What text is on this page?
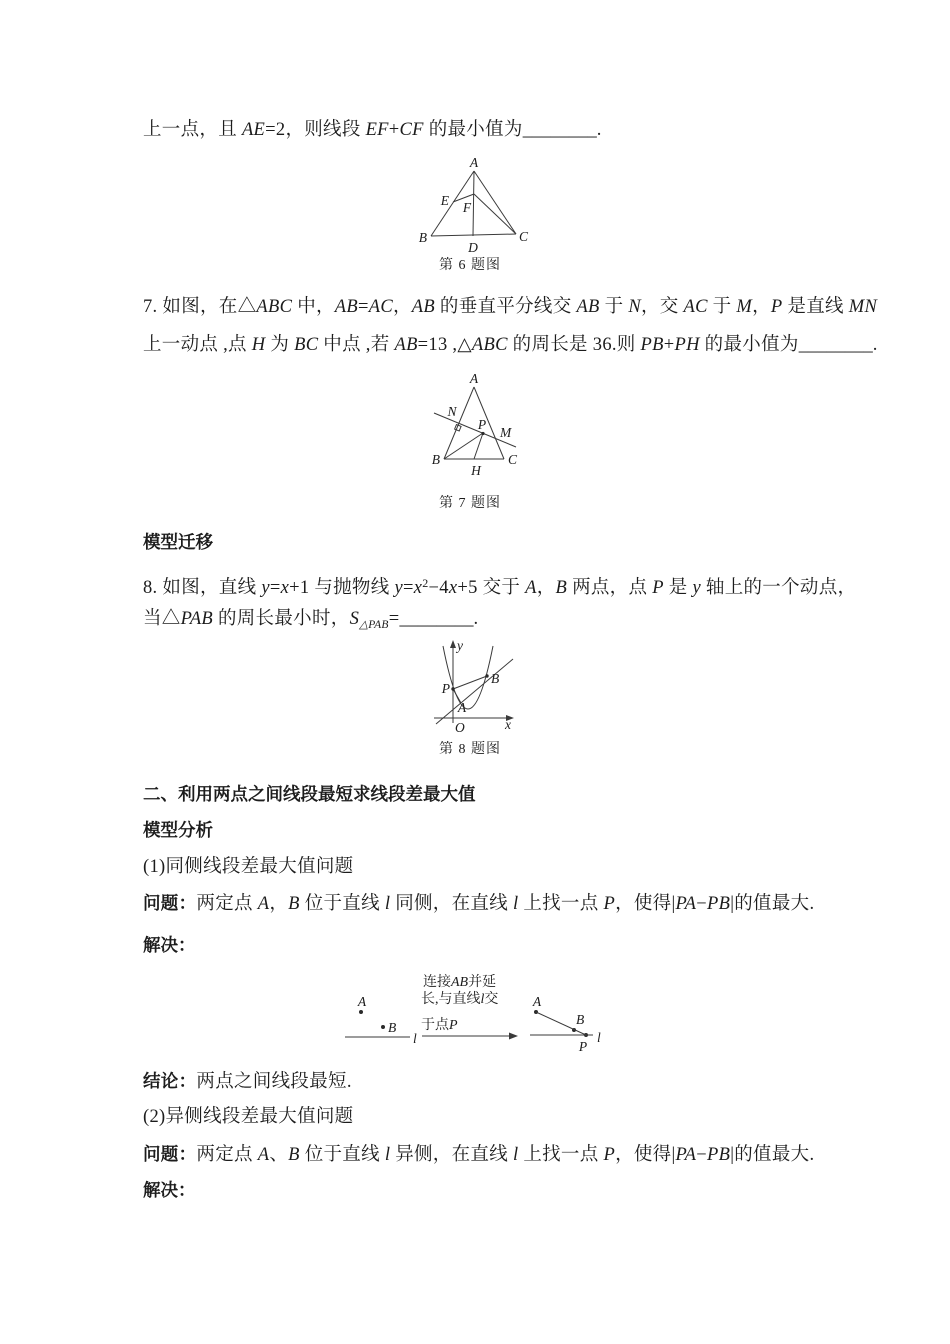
上一点，且 AE=2，则线段 EF+CF 的最小值为________.
A
B	C
D
E F
第 6 题图
7. 如图，在△ABC 中，AB=AC，AB 的垂直平分线交 AB 于 N，交 AC 于 M，P 是直线 MN
上一动点 ,点 H 为 BC 中点 ,若 AB=13 ,△ABC 的周长是 36.则 PB+PH 的最小值为________.
A
N
P
M
B	C
H
第 7 题图
模型迁移
8. 如图，直线 y=x+1 与抛物线 $y=x^2-4x+5$ 交于 A，B 两点，点 P 是 y 轴上的一个动点，
当△PAB 的周长最小时，$S_{\triangle PAB}=\_\_\_\_\_\_\_\_$.
y
x
O
P
A
B
第 8 题图
二、利用两点之间线段最短求线段差最大值
模型分析
(1)同侧线段差最大值问题
问题：两定点 A，B 位于直线 l 同侧，在直线 l 上找一点 P，使得|PA−PB|的值最大.
解决：
A
B
l
A
B
P
l
连接AB并延
长,与直线l交
于点P
结论：两点之间线段最短.
(2)异侧线段差最大值问题
问题：两定点 A、B 位于直线 l 异侧，在直线 l 上找一点 P，使得|PA−PB|的值最大.
解决：
